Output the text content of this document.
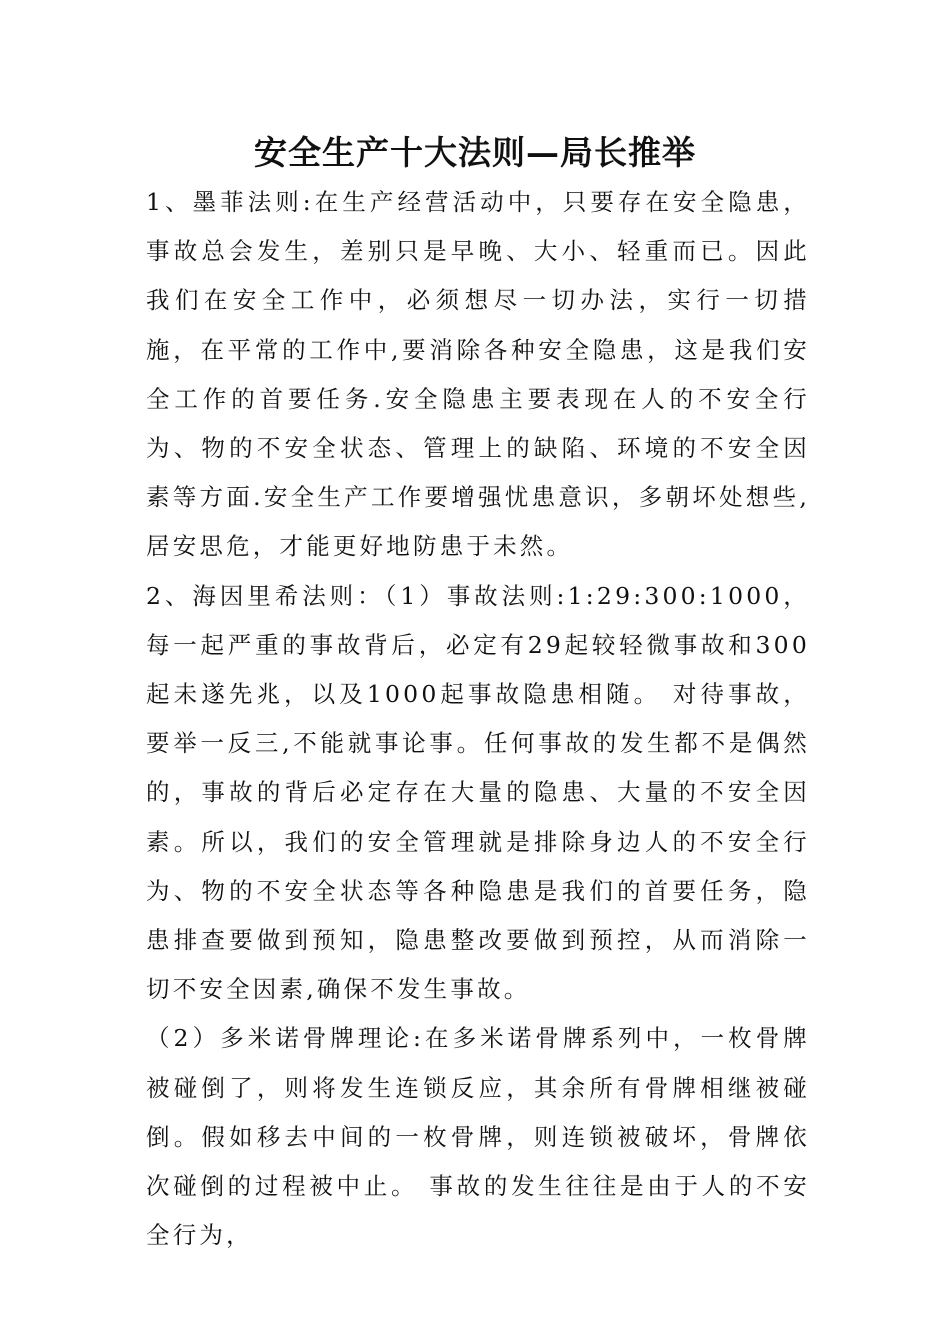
安全生产十大法则—局长推举

1、墨菲法则:在生产经营活动中，只要存在安全隐患，事故总会发生，差别只是早晚、大小、轻重而已。因此我们在安全工作中，必须想尽一切办法，实行一切措施，在平常的工作中,要消除各种安全隐患，这是我们安全工作的首要任务.安全隐患主要表现在人的不安全行为、物的不安全状态、管理上的缺陷、环境的不安全因素等方面.安全生产工作要增强忧患意识，多朝坏处想些,居安思危，才能更好地防患于未然。

2、海因里希法则：（1）事故法则:1:29:300:1000，每一起严重的事故背后，必定有29起较轻微事故和300起未遂先兆，以及1000起事故隐患相随。 对待事故，要举一反三,不能就事论事。任何事故的发生都不是偶然的，事故的背后必定存在大量的隐患、大量的不安全因素。所以，我们的安全管理就是排除身边人的不安全行为、物的不安全状态等各种隐患是我们的首要任务，隐患排查要做到预知，隐患整改要做到预控，从而消除一切不安全因素,确保不发生事故。

（2）多米诺骨牌理论:在多米诺骨牌系列中，一枚骨牌被碰倒了，则将发生连锁反应，其余所有骨牌相继被碰倒。假如移去中间的一枚骨牌，则连锁被破坏，骨牌依次碰倒的过程被中止。 事故的发生往往是由于人的不安全行为，
